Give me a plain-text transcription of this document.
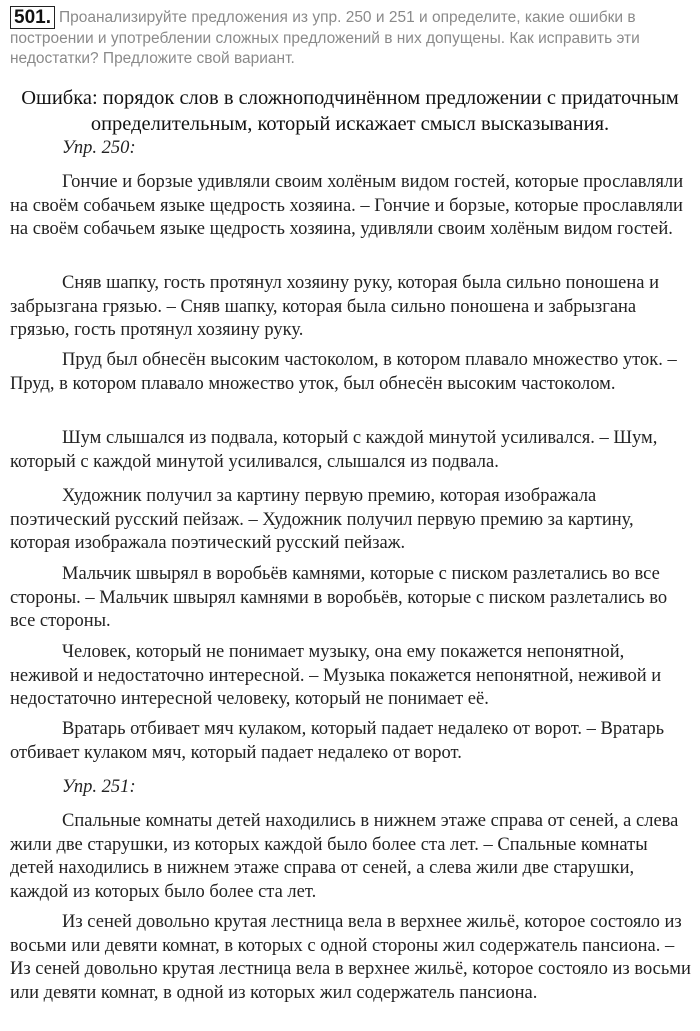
501. Проанализируйте предложения из упр. 250 и 251 и определите, какие ошибки в построении и употреблении сложных предложений в них допущены. Как исправить эти недостатки? Предложите свой вариант.
Ошибка: порядок слов в сложноподчинённом предложении с придаточным определительным, который искажает смысл высказывания.
Упр. 250:

Гончие и борзые удивляли своим холёным видом гостей, которые прославляли на своём собачьем языке щедрость хозяина. – Гончие и борзые, которые прославляли на своём собачьем языке щедрость хозяина, удивляли своим холёным видом гостей.

Сняв шапку, гость протянул хозяину руку, которая была сильно поношена и забрызгана грязью. – Сняв шапку, которая была сильно поношена и забрызгана грязью, гость протянул хозяину руку.

Пруд был обнесён высоким частоколом, в котором плавало множество уток. – Пруд, в котором плавало множество уток, был обнесён высоким частоколом.

Шум слышался из подвала, который с каждой минутой усиливался. – Шум, который с каждой минутой усиливался, слышался из подвала.

Художник получил за картину первую премию, которая изображала поэтический русский пейзаж. – Художник получил первую премию за картину, которая изображала поэтический русский пейзаж.

Мальчик швырял в воробьёв камнями, которые с писком разлетались во все стороны. – Мальчик швырял камнями в воробьёв, которые с писком разлетались во все стороны.

Человек, который не понимает музыку, она ему покажется непонятной, неживой и недостаточно интересной. – Музыка покажется непонятной, неживой и недостаточно интересной человеку, который не понимает её.

Вратарь отбивает мяч кулаком, который падает недалеко от ворот. – Вратарь отбивает кулаком мяч, который падает недалеко от ворот.

Упр. 251:

Спальные комнаты детей находились в нижнем этаже справа от сеней, а слева жили две старушки, из которых каждой было более ста лет. – Спальные комнаты детей находились в нижнем этаже справа от сеней, а слева жили две старушки, каждой из которых было более ста лет.

Из сеней довольно крутая лестница вела в верхнее жильё, которое состояло из восьми или девяти комнат, в которых с одной стороны жил содержатель пансиона. – Из сеней довольно крутая лестница вела в верхнее жильё, которое состояло из восьми или девяти комнат, в одной из которых жил содержатель пансиона.
